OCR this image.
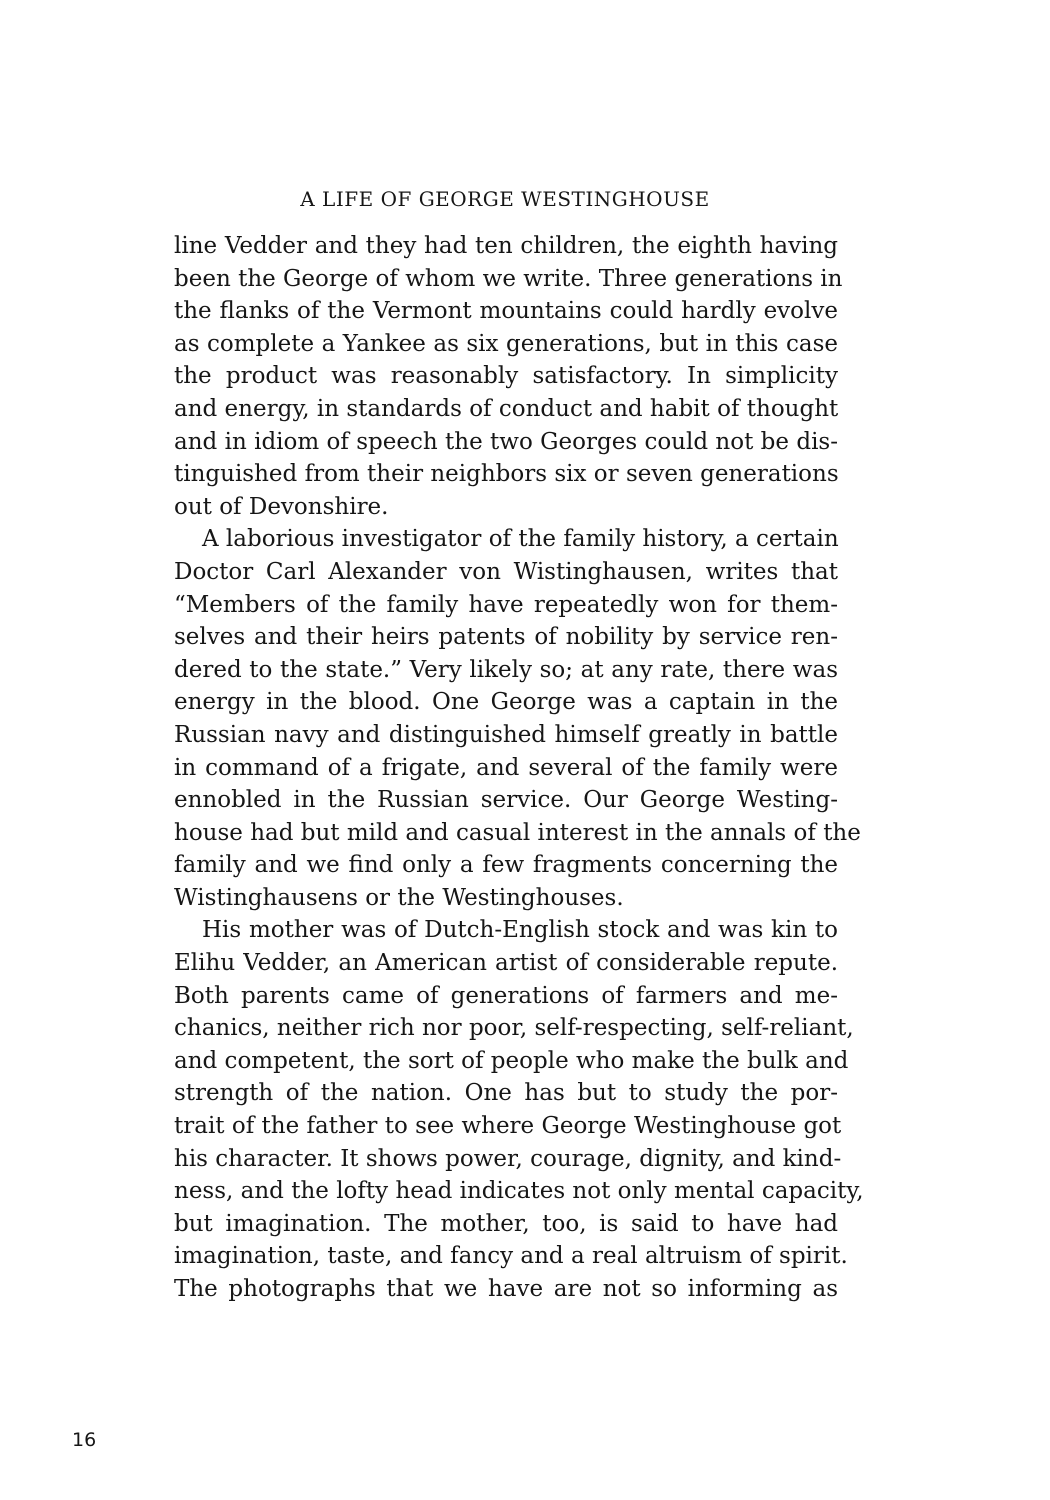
A LIFE OF GEORGE WESTINGHOUSE
line Vedder and they had ten children, the eighth having
been the George of whom we write. Three generations in
the flanks of the Vermont mountains could hardly evolve
as complete a Yankee as six generations, but in this case
the product was reasonably satisfactory. In simplicity
and energy, in standards of conduct and habit of thought
and in idiom of speech the two Georges could not be dis-
tinguished from their neighbors six or seven generations
out of Devonshire.
A laborious investigator of the family history, a certain
Doctor Carl Alexander von Wistinghausen, writes that
“Members of the family have repeatedly won for them-
selves and their heirs patents of nobility by service ren-
dered to the state.” Very likely so; at any rate, there was
energy in the blood. One George was a captain in the
Russian navy and distinguished himself greatly in battle
in command of a frigate, and several of the family were
ennobled in the Russian service. Our George Westing-
house had but mild and casual interest in the annals of the
family and we find only a few fragments concerning the
Wistinghausens or the Westinghouses.
His mother was of Dutch-English stock and was kin to
Elihu Vedder, an American artist of considerable repute.
Both parents came of generations of farmers and me-
chanics, neither rich nor poor, self-respecting, self-reliant,
and competent, the sort of people who make the bulk and
strength of the nation. One has but to study the por-
trait of the father to see where George Westinghouse got
his character. It shows power, courage, dignity, and kind-
ness, and the lofty head indicates not only mental capacity,
but imagination. The mother, too, is said to have had
imagination, taste, and fancy and a real altruism of spirit.
The photographs that we have are not so informing as
16
